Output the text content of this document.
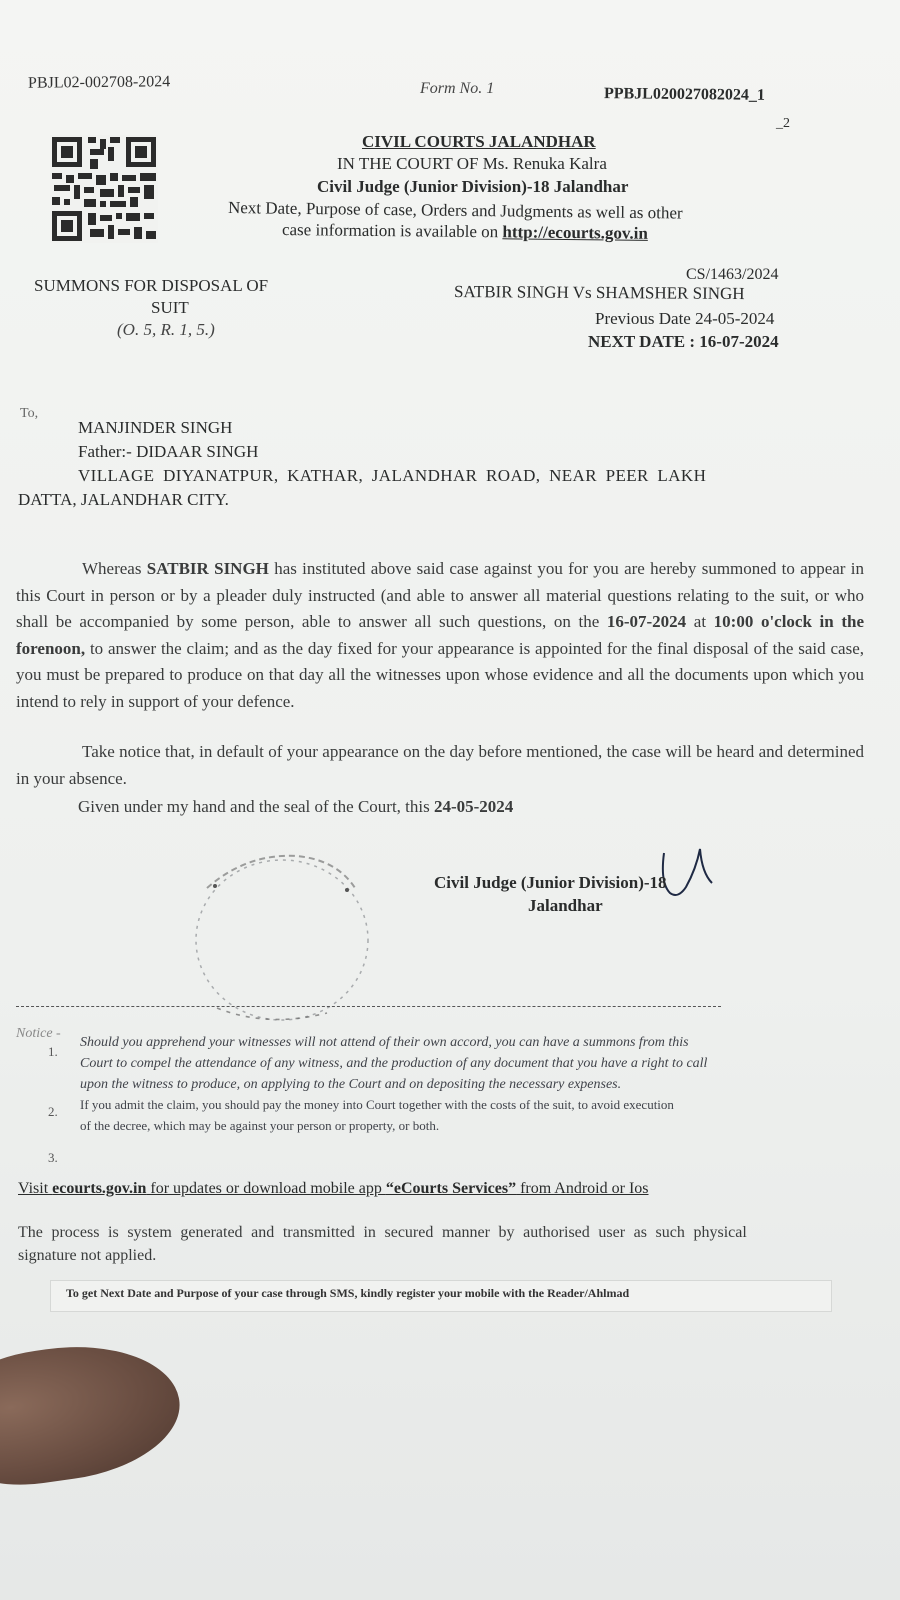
PBJL02-002708-2024	Form No. 1	PPBJL020027082024_1
_2
CIVIL COURTS JALANDHAR
IN THE COURT OF Ms. Renuka Kalra
Civil Judge (Junior Division)-18 Jalandhar
Next Date, Purpose of case, Orders and Judgments as well as other
case information is available on http://ecourts.gov.in
SUMMONS FOR DISPOSAL OF
SUIT
(O. 5, R. 1, 5.)
CS/1463/2024
SATBIR SINGH Vs SHAMSHER SINGH
Previous Date 24-05-2024
NEXT DATE : 16-07-2024
To,
MANJINDER SINGH
Father:- DIDAAR SINGH
VILLAGE DIYANATPUR, KATHAR, JALANDHAR ROAD, NEAR PEER LAKH
DATTA, JALANDHAR CITY.
Whereas SATBIR SINGH has instituted above said case against you for you are hereby summoned to appear in this Court in person or by a pleader duly instructed (and able to answer all material questions relating to the suit, or who shall be accompanied by some person, able to answer all such questions, on the 16-07-2024 at 10:00 o'clock in the forenoon, to answer the claim; and as the day fixed for your appearance is appointed for the final disposal of the said case, you must be prepared to produce on that day all the witnesses upon whose evidence and all the documents upon which you intend to rely in support of your defence.
Take notice that, in default of your appearance on the day before mentioned, the case will be heard and determined in your absence.
Given under my hand and the seal of the Court, this 24-05-2024
Civil Judge (Junior Division)-18
Jalandhar
Notice -
1.
Should you apprehend your witnesses will not attend of their own accord, you can have a summons from this
Court to compel the attendance of any witness, and the production of any document that you have a right to call
upon the witness to produce, on applying to the Court and on depositing the necessary expenses.
2. If you admit the claim, you should pay the money into Court together with the costs of the suit, to avoid execution
of the decree, which may be against your person or property, or both.
3.
Visit ecourts.gov.in for updates or download mobile app “eCourts Services” from Android or Ios
The process is system generated and transmitted in secured manner by authorised user as such physical
signature not applied.
To get Next Date and Purpose of your case through SMS, kindly register your mobile with the Reader/Ahlmad
